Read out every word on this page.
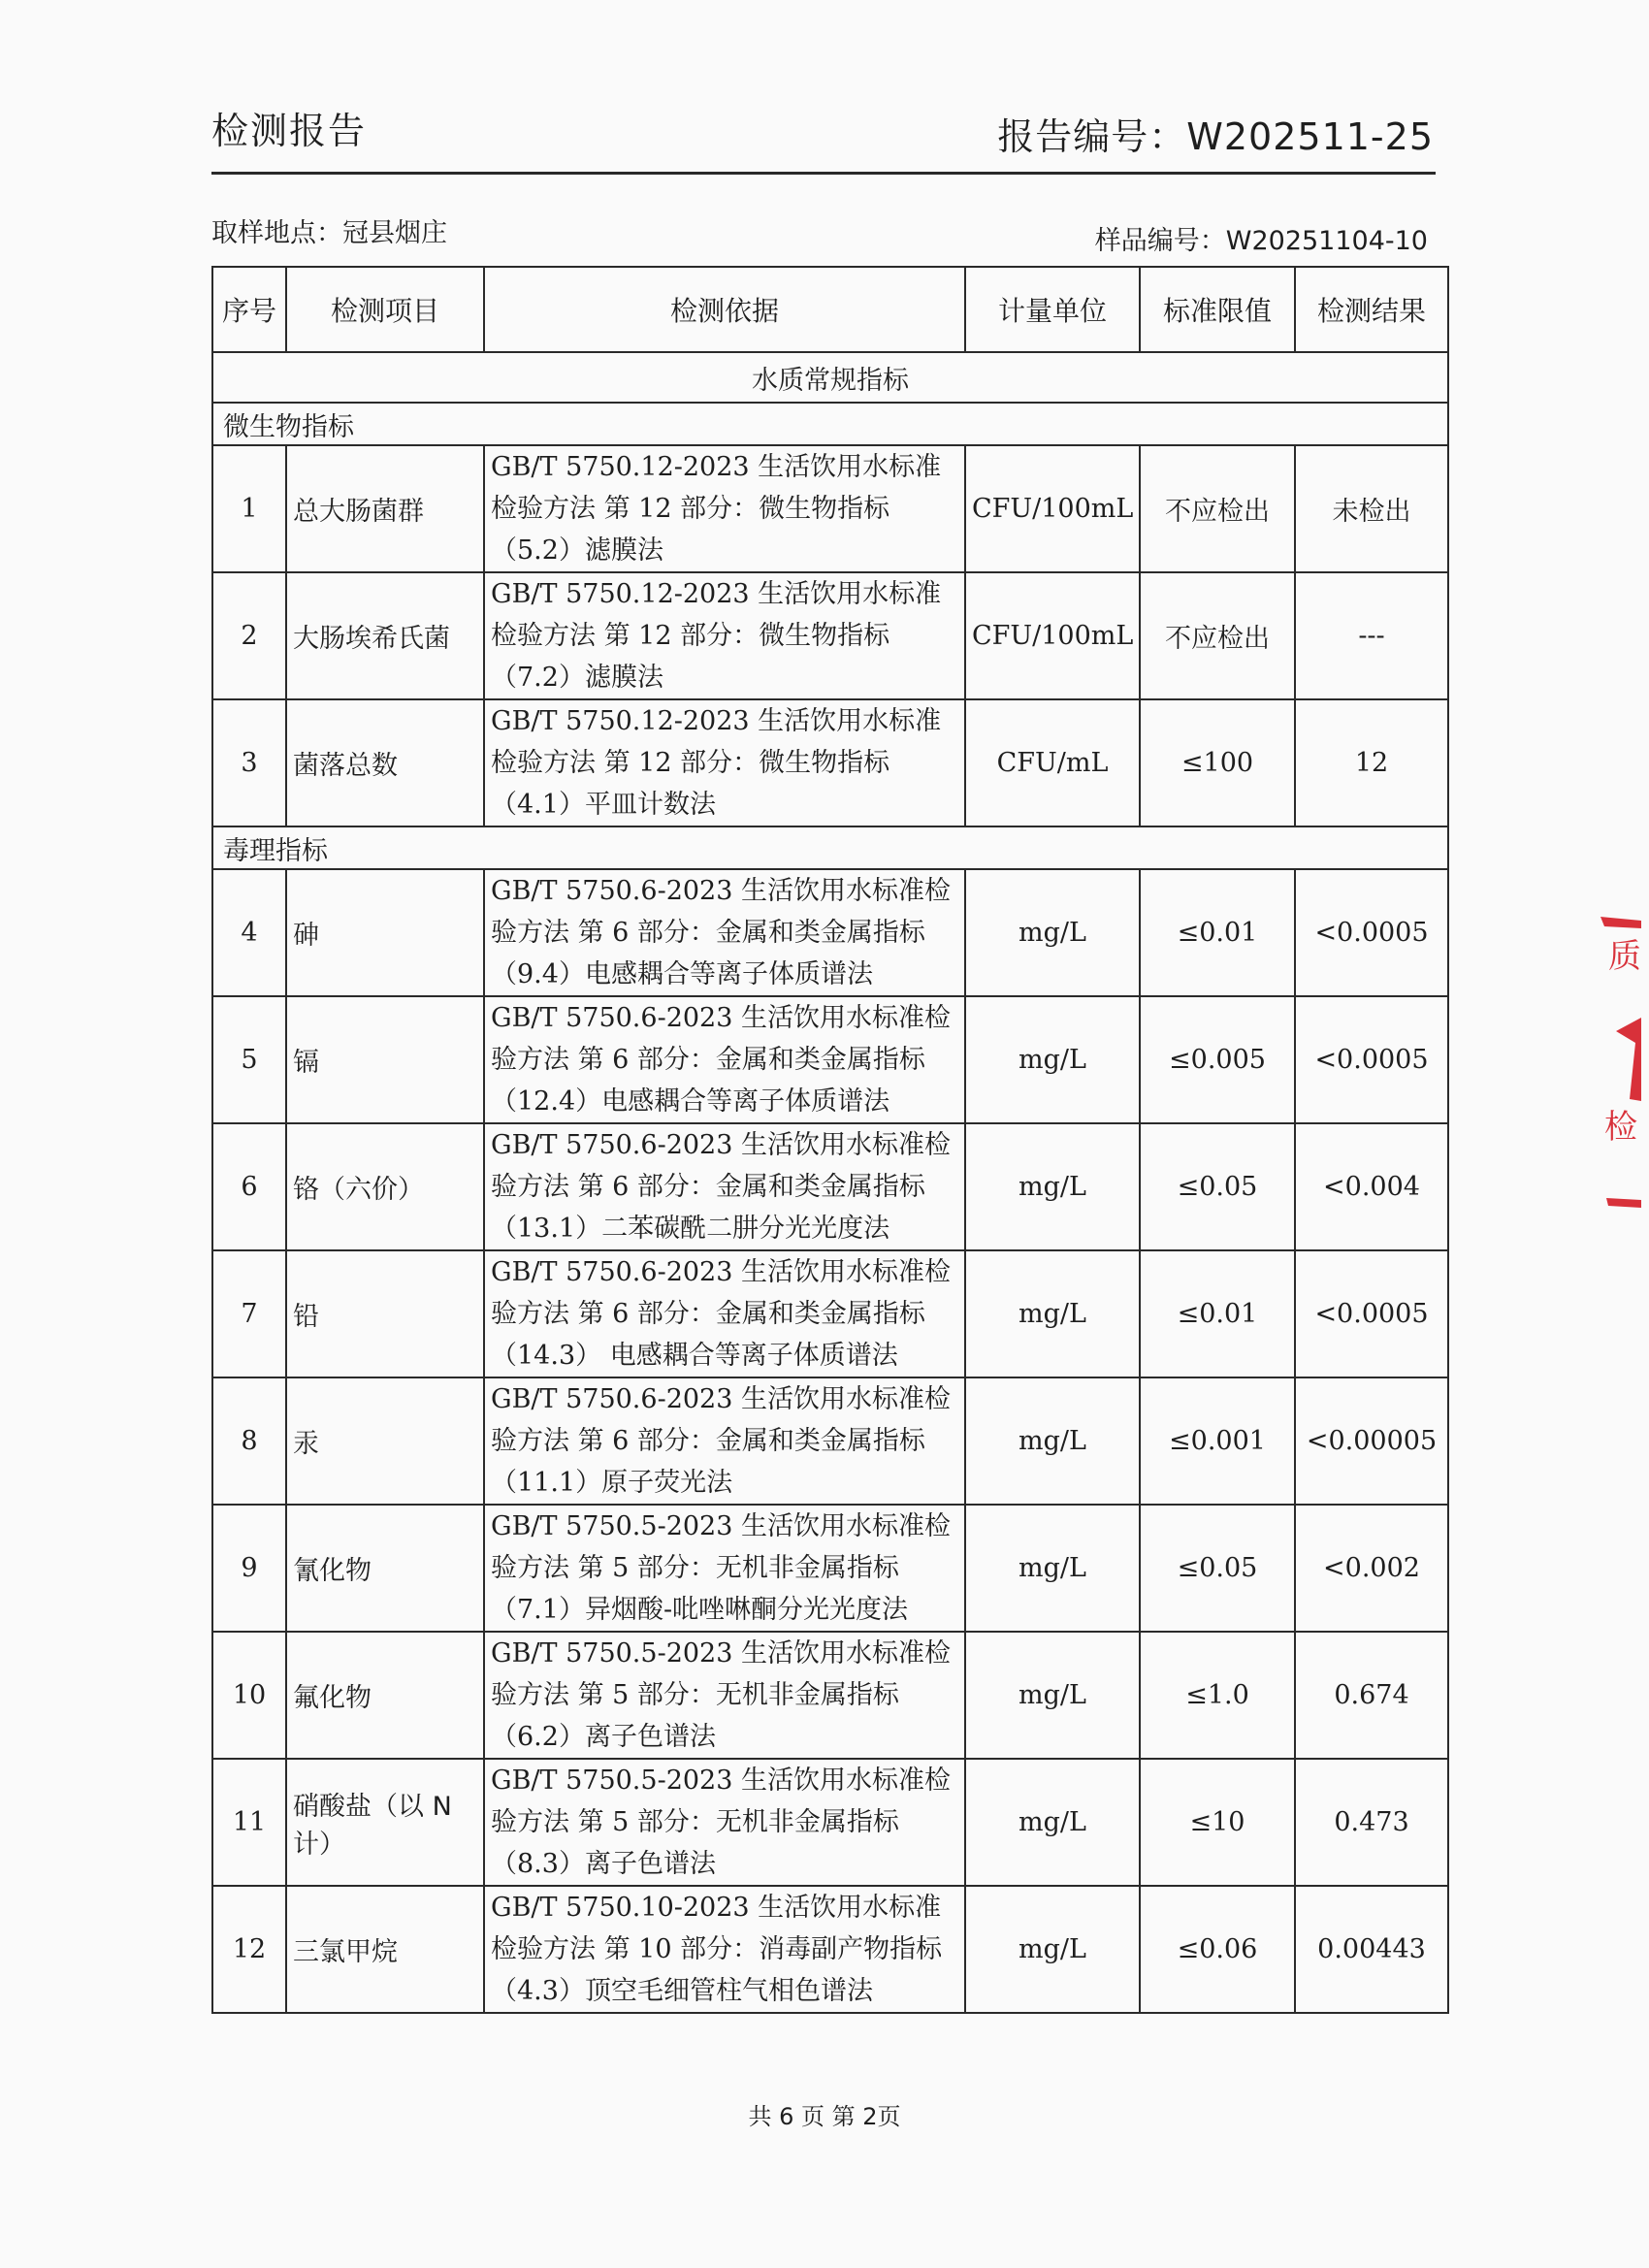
检测报告	报告编号：W202511-25
取样地点：冠县烟庄	样品编号：W20251104-10
序号	检测项目	检测依据	计量单位	标准限值	检测结果
水质常规指标					
微生物指标					
1	总大肠菌群	GB/T 5750.12-2023 生活饮用水标准检验方法 第 12 部分：微生物指标（5.2）滤膜法	CFU/100mL	不应检出	未检出
2	大肠埃希氏菌	GB/T 5750.12-2023 生活饮用水标准检验方法 第 12 部分：微生物指标（7.2）滤膜法	CFU/100mL	不应检出	---
3	菌落总数	GB/T 5750.12-2023 生活饮用水标准检验方法 第 12 部分：微生物指标（4.1）平皿计数法	CFU/mL	≤100	12
毒理指标					
4	砷	GB/T 5750.6-2023 生活饮用水标准检验方法 第 6 部分：金属和类金属指标（9.4）电感耦合等离子体质谱法	mg/L	≤0.01	<0.0005
5	镉	GB/T 5750.6-2023 生活饮用水标准检验方法 第 6 部分：金属和类金属指标（12.4）电感耦合等离子体质谱法	mg/L	≤0.005	<0.0005
6	铬（六价）	GB/T 5750.6-2023 生活饮用水标准检验方法 第 6 部分：金属和类金属指标（13.1）二苯碳酰二肼分光光度法	mg/L	≤0.05	<0.004
7	铅	GB/T 5750.6-2023 生活饮用水标准检验方法 第 6 部分：金属和类金属指标（14.3） 电感耦合等离子体质谱法	mg/L	≤0.01	<0.0005
8	汞	GB/T 5750.6-2023 生活饮用水标准检验方法 第 6 部分：金属和类金属指标（11.1）原子荧光法	mg/L	≤0.001	<0.00005
9	氰化物	GB/T 5750.5-2023 生活饮用水标准检验方法 第 5 部分：无机非金属指标（7.1）异烟酸-吡唑啉酮分光光度法	mg/L	≤0.05	<0.002
10	氟化物	GB/T 5750.5-2023 生活饮用水标准检验方法 第 5 部分：无机非金属指标（6.2）离子色谱法	mg/L	≤1.0	0.674
11	硝酸盐（以 N 计）	GB/T 5750.5-2023 生活饮用水标准检验方法 第 5 部分：无机非金属指标（8.3）离子色谱法	mg/L	≤10	0.473
12	三氯甲烷	GB/T 5750.10-2023 生活饮用水标准检验方法 第 10 部分：消毒副产物指标（4.3）顶空毛细管柱气相色谱法	mg/L	≤0.06	0.00443
共 6 页 第 2页
质
检
